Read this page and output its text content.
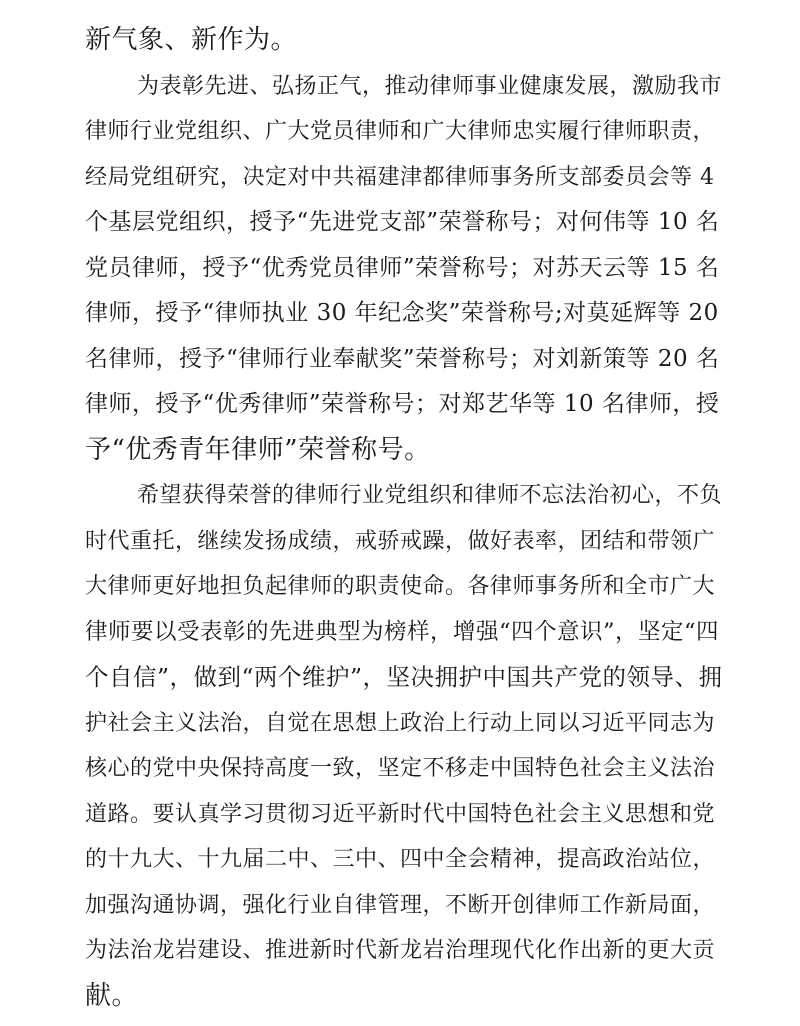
新气象、新作为。
为表彰先进、弘扬正气，推动律师事业健康发展，激励我市
律师行业党组织、广大党员律师和广大律师忠实履行律师职责，
经局党组研究，决定对中共福建津都律师事务所支部委员会等 4
个基层党组织，授予“先进党支部”荣誉称号；对何伟等 10 名
党员律师，授予“优秀党员律师”荣誉称号；对苏天云等 15 名
律师，授予“律师执业 30 年纪念奖”荣誉称号;对莫延辉等 20
名律师，授予“律师行业奉献奖”荣誉称号；对刘新策等 20 名
律师，授予“优秀律师”荣誉称号；对郑艺华等 10 名律师，授
予“优秀青年律师”荣誉称号。
希望获得荣誉的律师行业党组织和律师不忘法治初心，不负
时代重托，继续发扬成绩，戒骄戒躁，做好表率，团结和带领广
大律师更好地担负起律师的职责使命。各律师事务所和全市广大
律师要以受表彰的先进典型为榜样，增强“四个意识”，坚定“四
个自信”，做到“两个维护”，坚决拥护中国共产党的领导、拥
护社会主义法治，自觉在思想上政治上行动上同以习近平同志为
核心的党中央保持高度一致，坚定不移走中国特色社会主义法治
道路。要认真学习贯彻习近平新时代中国特色社会主义思想和党
的十九大、十九届二中、三中、四中全会精神，提高政治站位，
加强沟通协调，强化行业自律管理，不断开创律师工作新局面，
为法治龙岩建设、推进新时代新龙岩治理现代化作出新的更大贡
献。
